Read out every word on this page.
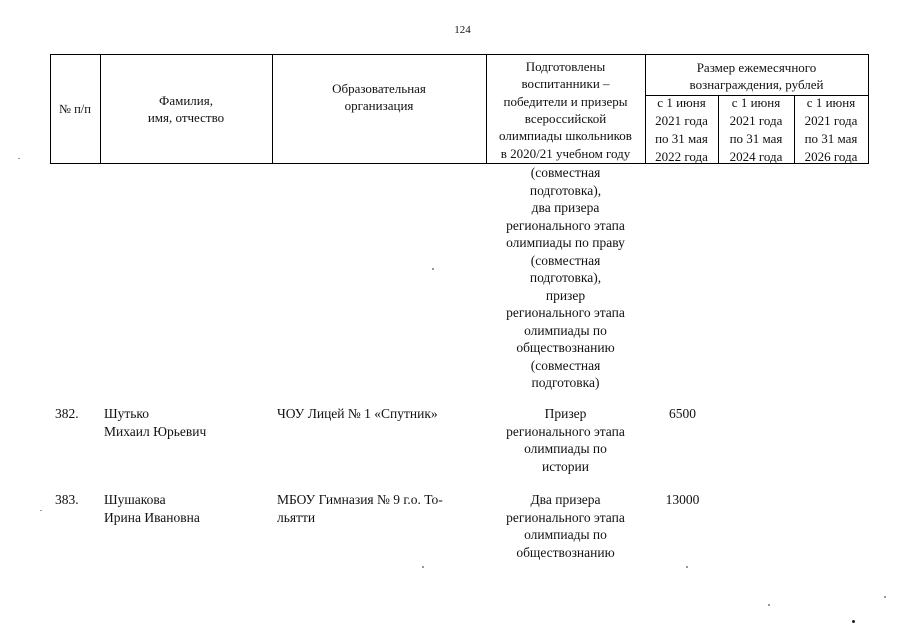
124
№ п/п
Фамилия,
имя, отчество
Образовательная
организация
Подготовлены
воспитанники –
победители и призеры
всероссийской
олимпиады школьников
в 2020/21 учебном году
Размер ежемесячного
вознаграждения, рублей
с 1 июня
2021 года
по 31 мая
2022 года
с 1 июня
2021 года
по 31 мая
2024 года
с 1 июня
2021 года
по 31 мая
2026 года
(совместная
подготовка),
два призера
регионального этапа
олимпиады по праву
(совместная
подготовка),
призер
регионального этапа
олимпиады по
обществознанию
(совместная
подготовка)
382. Шутько
Михаил Юрьевич
ЧОУ Лицей № 1 «Спутник»	Призер
регионального этапа
олимпиады по
истории
6500
383. Шушакова
Ирина Ивановна
МБОУ Гимназия № 9 г.о. То-
льятти
Два призера
регионального этапа
олимпиады по
обществознанию
13000
